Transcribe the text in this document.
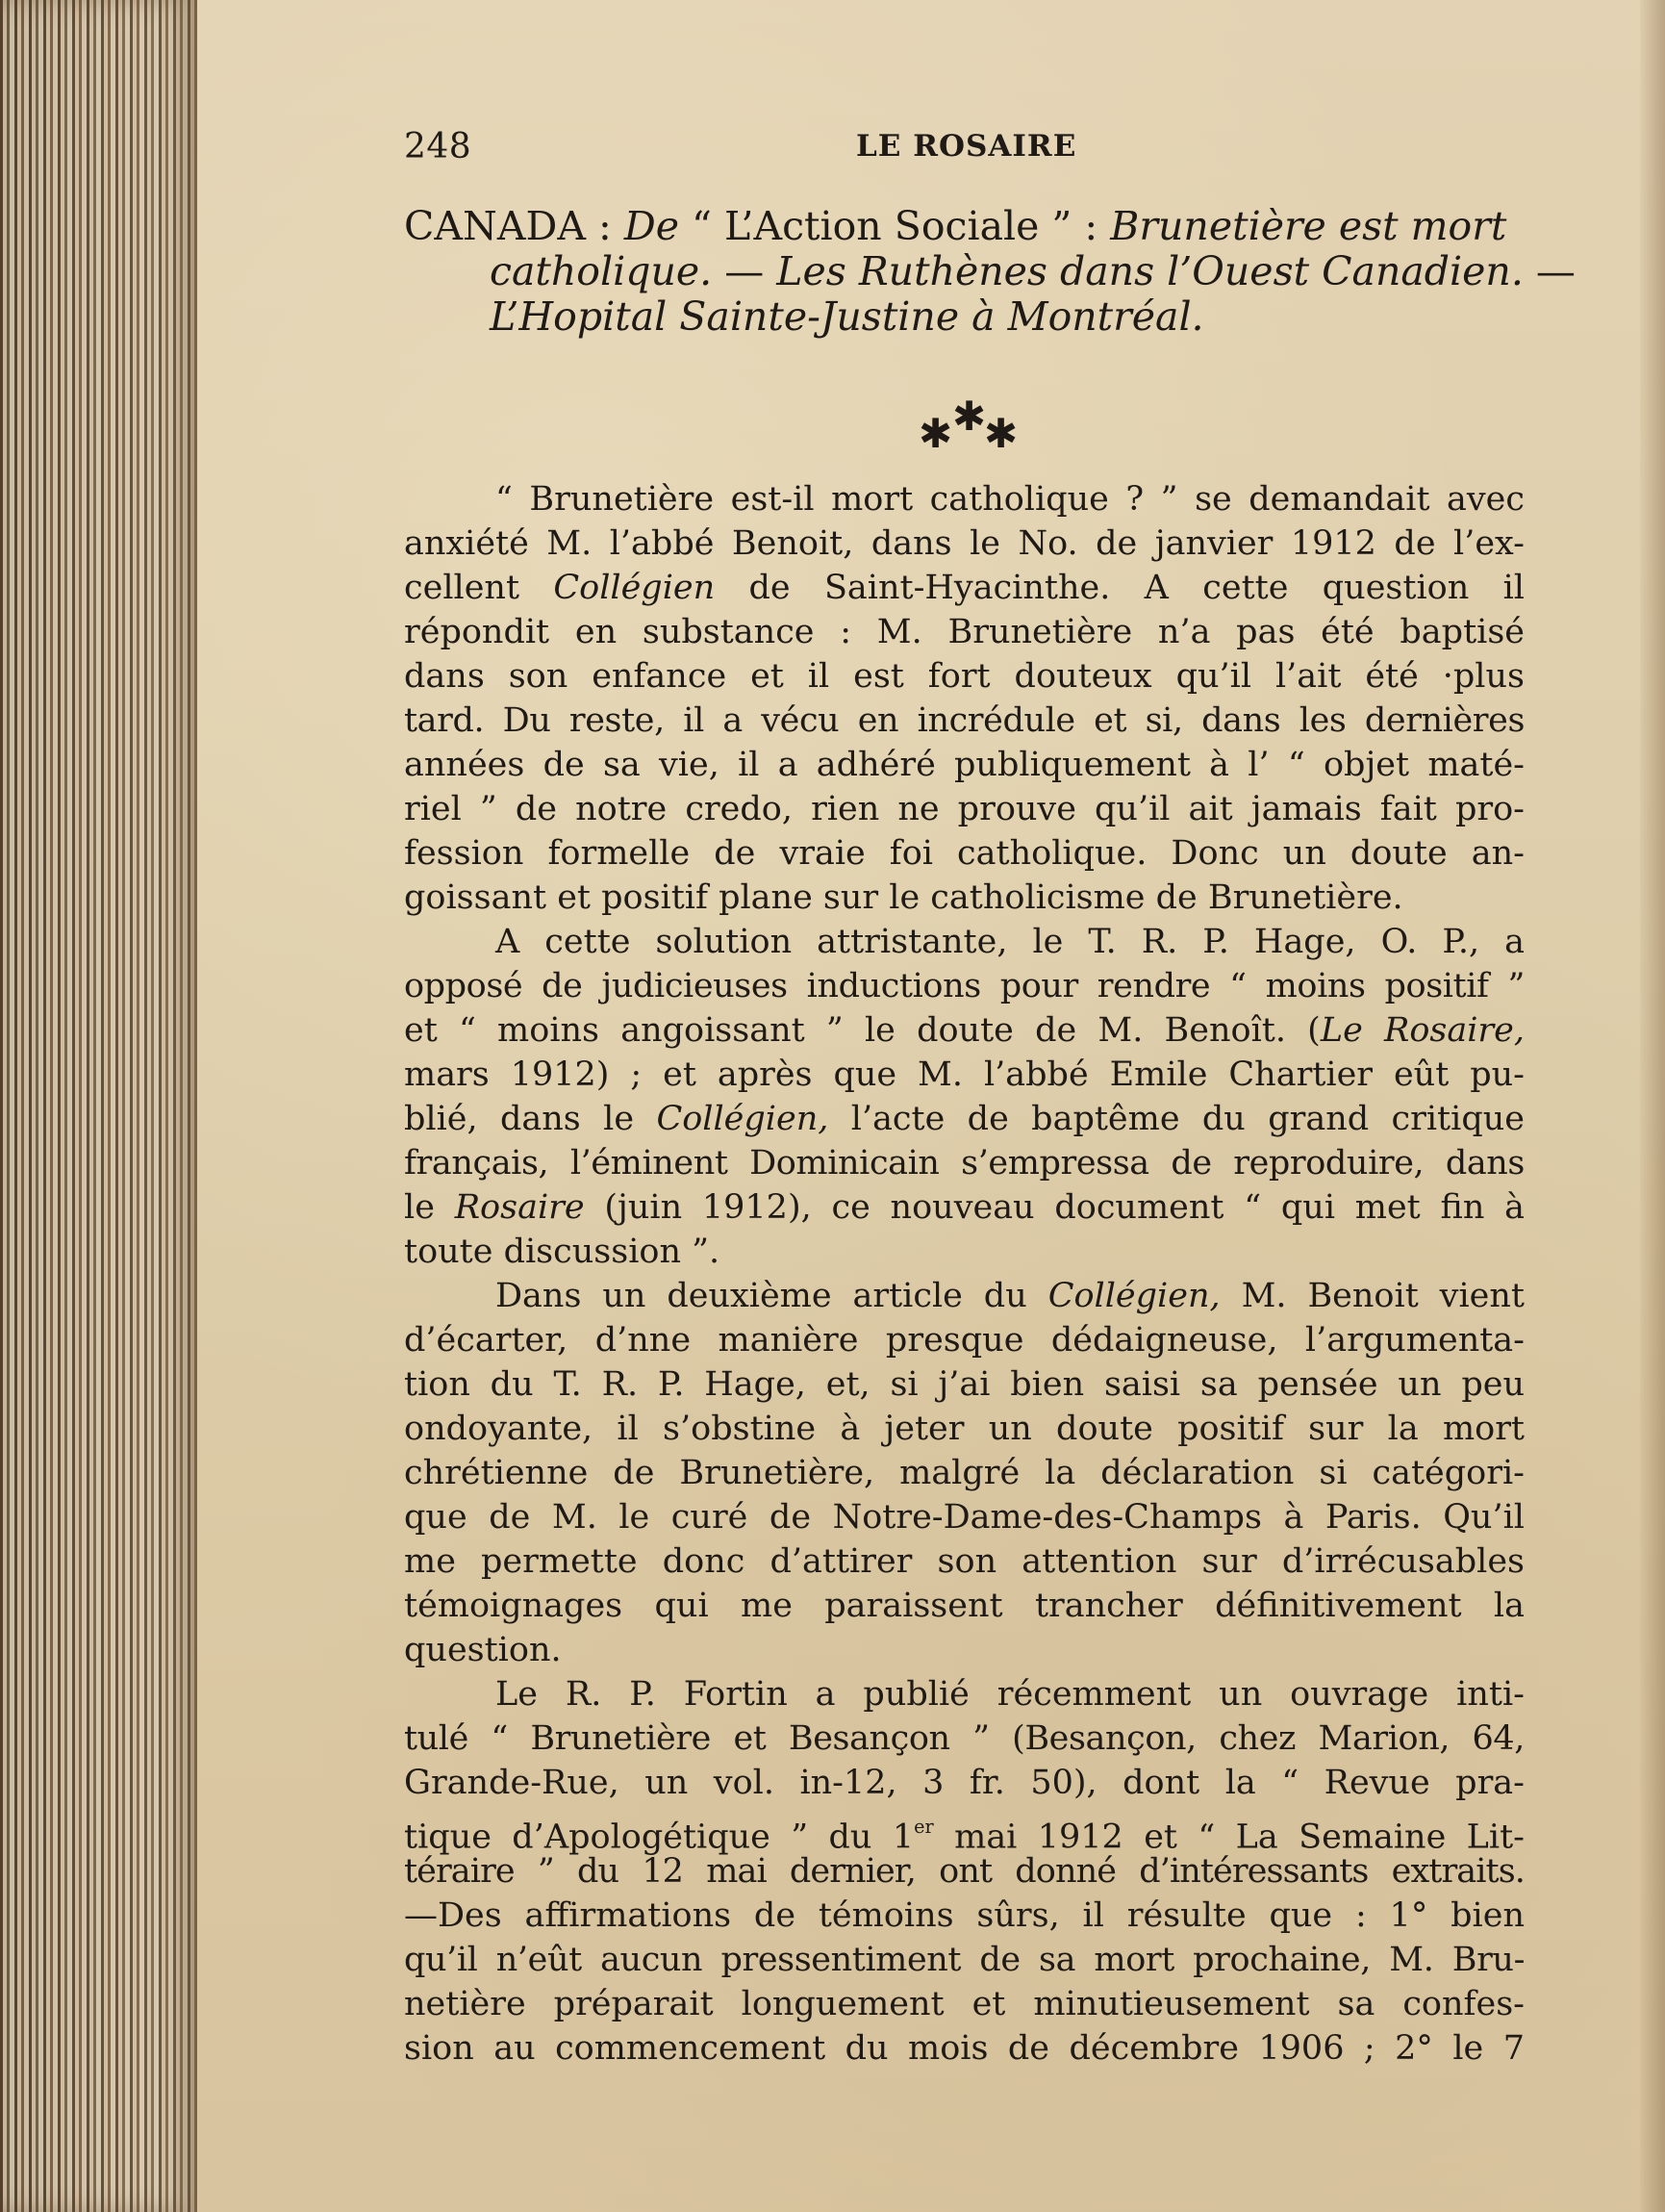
248	LE ROSAIRE
CANADA : De “ L’Action Sociale ” : Brunetière est mort
catholique. — Les Ruthènes dans l’Ouest Canadien. —
L’Hopital Sainte-Justine à Montréal.
✱ ✱
✱
“ Brunetière est-il mort catholique ? ” se demandait avec
anxiété M. l’abbé Benoit, dans le No. de janvier 1912 de l’ex-
cellent Collégien de Saint-Hyacinthe. A cette question il
répondit en substance : M. Brunetière n’a pas été baptisé
dans son enfance et il est fort douteux qu’il l’ait été ·plus
tard. Du reste, il a vécu en incrédule et si, dans les dernières
années de sa vie, il a adhéré publiquement à l’ “ objet maté-
riel ” de notre credo, rien ne prouve qu’il ait jamais fait pro-
fession formelle de vraie foi catholique. Donc un doute an-
goissant et positif plane sur le catholicisme de Brunetière.
A cette solution attristante, le T. R. P. Hage, O. P., a
opposé de judicieuses inductions pour rendre “ moins positif ”
et “ moins angoissant ” le doute de M. Benoît. (Le Rosaire,
mars 1912) ; et après que M. l’abbé Emile Chartier eût pu-
blié, dans le Collégien, l’acte de baptême du grand critique
français, l’éminent Dominicain s’empressa de reproduire, dans
le Rosaire (juin 1912), ce nouveau document “ qui met fin à
toute discussion ”.
Dans un deuxième article du Collégien, M. Benoit vient
d’écarter, d’nne manière presque dédaigneuse, l’argumenta-
tion du T. R. P. Hage, et, si j’ai bien saisi sa pensée un peu
ondoyante, il s’obstine à jeter un doute positif sur la mort
chrétienne de Brunetière, malgré la déclaration si catégori-
que de M. le curé de Notre-Dame-des-Champs à Paris. Qu’il
me permette donc d’attirer son attention sur d’irrécusables
témoignages qui me paraissent trancher définitivement la
question.
Le R. P. Fortin a publié récemment un ouvrage inti-
tulé “ Brunetière et Besançon ” (Besançon, chez Marion, 64,
Grande-Rue, un vol. in-12, 3 fr. 50), dont la “ Revue pra-
tique d’Apologétique ” du 1er mai 1912 et “ La Semaine Lit-
téraire ” du 12 mai dernier, ont donné d’intéressants extraits.
—Des affirmations de témoins sûrs, il résulte que : 1° bien
qu’il n’eût aucun pressentiment de sa mort prochaine, M. Bru-
netière préparait longuement et minutieusement sa confes-
sion au commencement du mois de décembre 1906 ; 2° le 7
